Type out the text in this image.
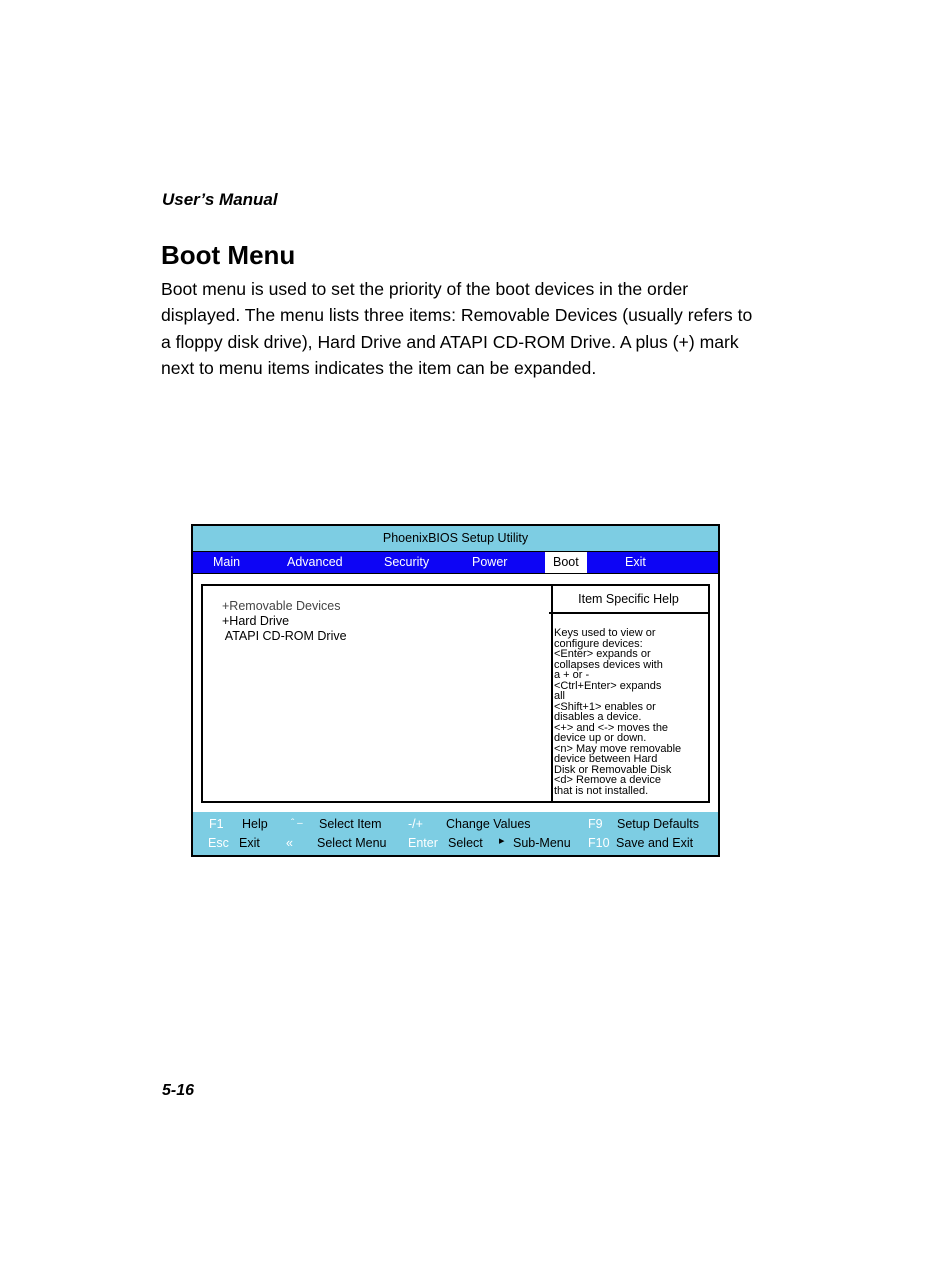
User’s Manual
Boot Menu

Boot menu is used to set the priority of the boot devices in the order displayed. The menu lists three items: Removable Devices (usually refers to a floppy disk drive), Hard Drive and ATAPI CD-ROM Drive. A plus (+) mark next to menu items indicates the item can be expanded.

PhoenixBIOS Setup Utility
Main	Advanced	Security	Power	Boot	Exit
+Removable Devices
+Hard Drive
ATAPI CD-ROM Drive
Item Specific Help
Keys used to view or
configure devices:
<Enter> expands or
collapses devices with
a + or -
<Ctrl+Enter> expands
all
<Shift+1> enables or
disables a device.
<+> and <-> moves the
device up or down.
<n> May move removable
device between Hard
Disk or Removable Disk
<d> Remove a device
that is not installed.
F1 Help ˆ ‒ Select Item -/+ Change Values	F9 Setup Defaults
Esc Exit « Select Menu Enter Select ▸ Sub-Menu F10 Save and Exit
5-16
